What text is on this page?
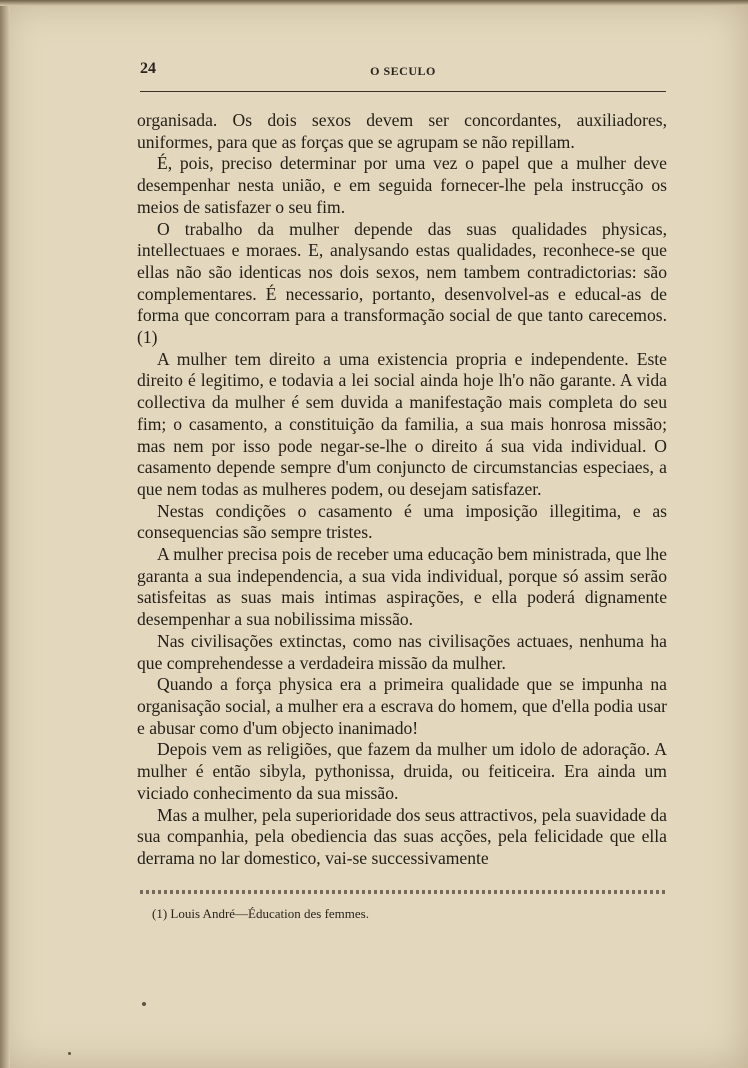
24	O SECULO

organisada. Os dois sexos devem ser concordantes, auxiliadores, uniformes, para que as forças que se agrupam se não repillam.

É, pois, preciso determinar por uma vez o papel que a mulher deve desempenhar nesta união, e em seguida fornecer-lhe pela instrucção os meios de satisfazer o seu fim.

O trabalho da mulher depende das suas qualidades physicas, intellectuaes e moraes. E, analysando estas qualidades, reconhece-se que ellas não são identicas nos dois sexos, nem tambem contradictorias: são complementares. É necessario, portanto, desenvolvel-as e educal-as de forma que concorram para a transformação social de que tanto carecemos. (1)

A mulher tem direito a uma existencia propria e independente. Este direito é legitimo, e todavia a lei social ainda hoje lh'o não garante. A vida collectiva da mulher é sem duvida a manifestação mais completa do seu fim; o casamento, a constituição da familia, a sua mais honrosa missão; mas nem por isso pode negar-se-lhe o direito á sua vida individual. O casamento depende sempre d'um conjuncto de circumstancias especiaes, a que nem todas as mulheres podem, ou desejam satisfazer.

Nestas condições o casamento é uma imposição illegitima, e as consequencias são sempre tristes.

A mulher precisa pois de receber uma educação bem ministrada, que lhe garanta a sua independencia, a sua vida individual, porque só assim serão satisfeitas as suas mais intimas aspirações, e ella poderá dignamente desempenhar a sua nobilissima missão.

Nas civilisações extinctas, como nas civilisações actuaes, nenhuma ha que comprehendesse a verdadeira missão da mulher.

Quando a força physica era a primeira qualidade que se impunha na organisação social, a mulher era a escrava do homem, que d'ella podia usar e abusar como d'um objecto inanimado!

Depois vem as religiões, que fazem da mulher um idolo de adoração. A mulher é então sibyla, pythonissa, druida, ou feiticeira. Era ainda um viciado conhecimento da sua missão.

Mas a mulher, pela superioridade dos seus attractivos, pela suavidade da sua companhia, pela obediencia das suas acções, pela felicidade que ella derrama no lar domestico, vai-se successivamente

(1) Louis André—Éducation des femmes.
